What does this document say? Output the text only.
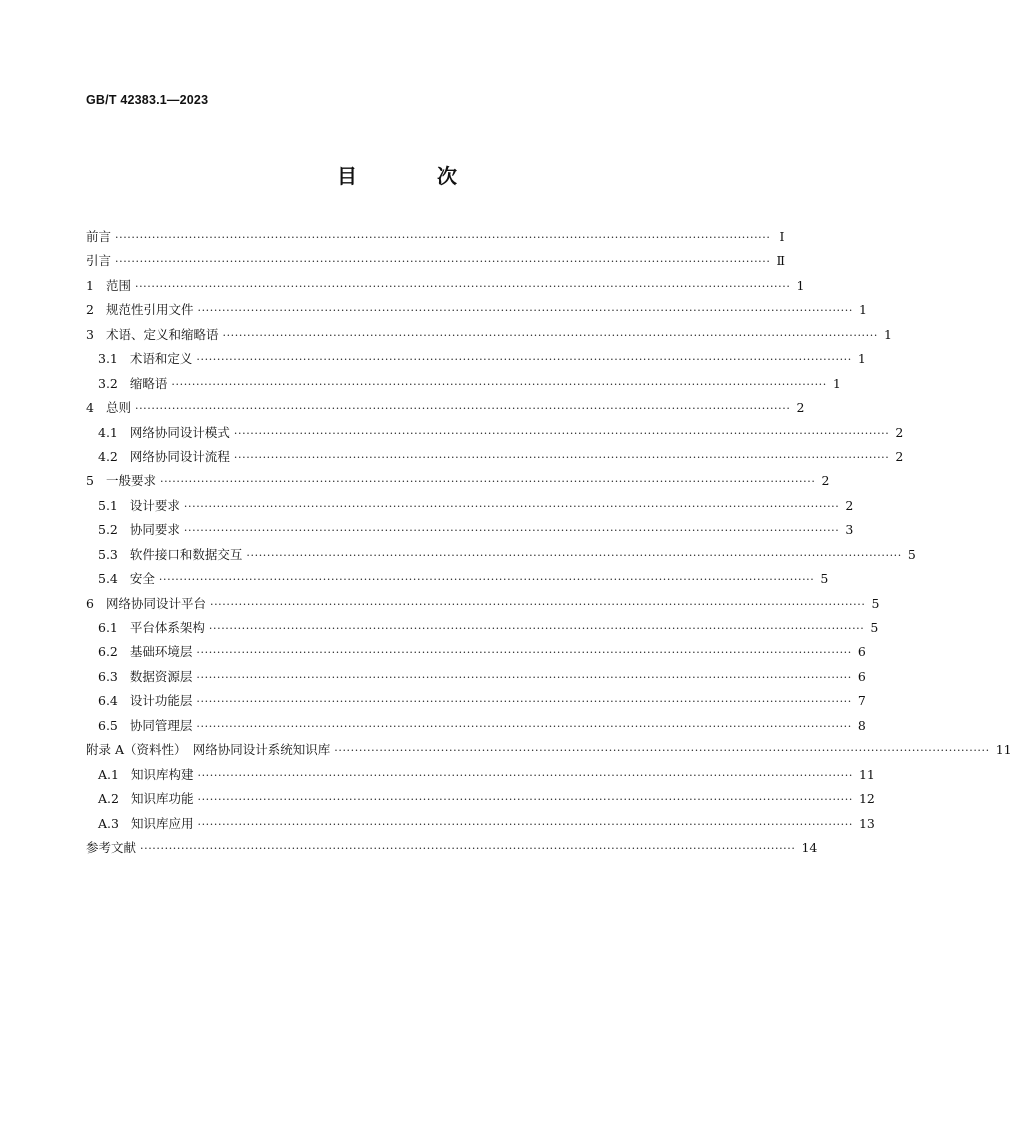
GB/T 42383.1—2023
目　次
前言 ································································································································································ Ⅰ
引言 ································································································································································ Ⅱ
1 范围 ································································································································································ 1
2 规范性引用文件 ································································································································································ 1
3 术语、定义和缩略语 ································································································································································ 1
3.1 术语和定义 ································································································································································ 1
3.2 缩略语 ································································································································································ 1
4 总则 ································································································································································ 2
4.1 网络协同设计模式 ································································································································································ 2
4.2 网络协同设计流程 ································································································································································ 2
5 一般要求 ································································································································································ 2
5.1 设计要求 ································································································································································ 2
5.2 协同要求 ································································································································································ 3
5.3 软件接口和数据交互 ································································································································································ 5
5.4 安全 ································································································································································ 5
6 网络协同设计平台 ································································································································································ 5
6.1 平台体系架构 ································································································································································ 5
6.2 基础环境层 ································································································································································ 6
6.3 数据资源层 ································································································································································ 6
6.4 设计功能层 ································································································································································ 7
6.5 协同管理层 ································································································································································ 8
附录 A（资料性）　网络协同设计系统知识库 ································································································································································ 11
A.1 知识库构建 ································································································································································ 11
A.2 知识库功能 ································································································································································ 12
A.3 知识库应用 ································································································································································ 13
参考文献 ································································································································································ 14
